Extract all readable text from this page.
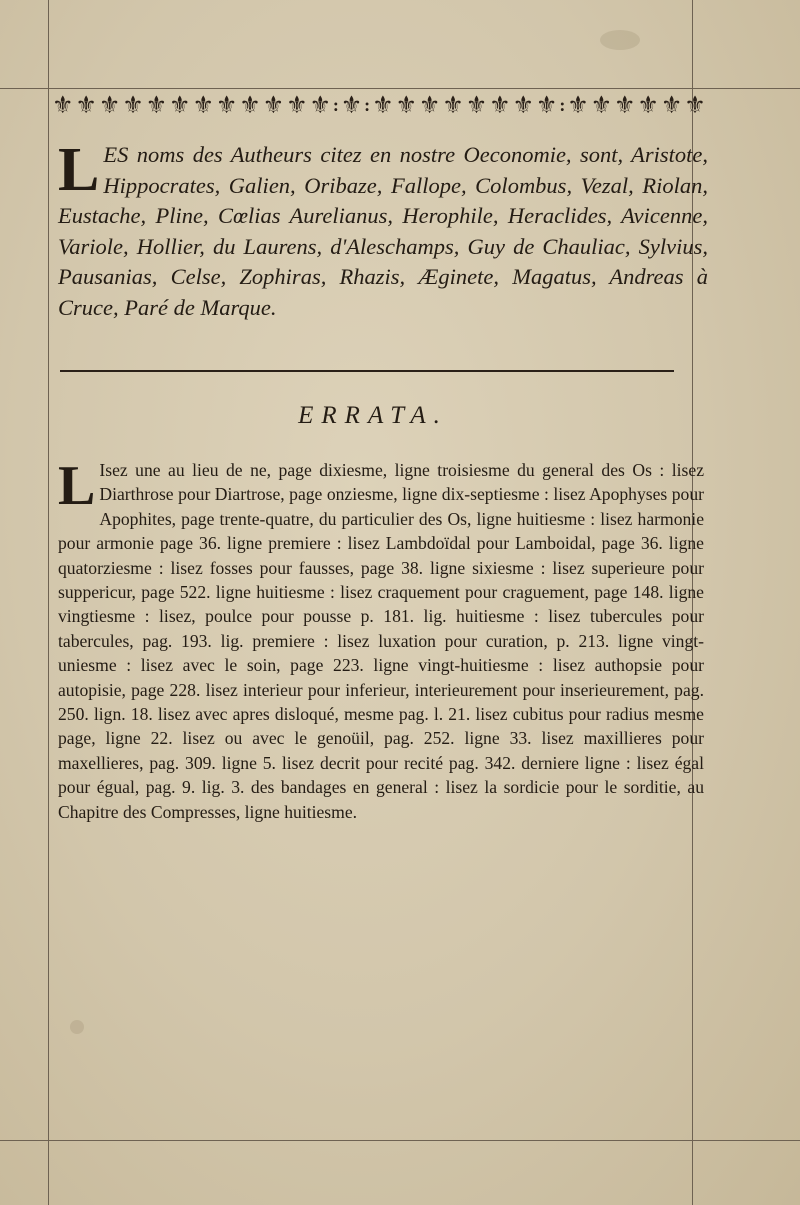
⚜ ⚜ ⚜ ⚜ ⚜ ⚜ ⚜ ⚜ ⚜ ⚜ ⚜ ⚜ : ⚜ : ⚜ ⚜ ⚜ ⚜ ⚜ ⚜ ⚜ ⚜ : ⚜ ⚜ ⚜ ⚜ ⚜ ⚜
L ES noms des Autheurs citez en nostre Oeconomie, sont, Aristote, Hippocrates, Galien, Oribaze, Fallope, Colombus, Vezal, Riolan, Eustache, Pline, Cœlias Aurelianus, Herophile, Heraclides, Avicenne, Variole, Hollier, du Laurens, d'Aleschamps, Guy de Chauliac, Sylvius, Pausanias, Celse, Zophiras, Rhazis, Æginete, Magatus, Andreas à Cruce, Paré de Marque.
ERRATA.
L Isez une au lieu de ne, page dixiesme, ligne troisiesme du general des Os : lisez Diarthrose pour Diartrose, page onziesme, ligne dix-septiesme : lisez Apophyses pour Apophites, page trente-quatre, du particulier des Os, ligne huitiesme : lisez harmonie pour armonie page 36. ligne premiere : lisez Lambdoïdal pour Lamboidal, page 36. ligne quatorziesme : lisez fosses pour fausses, page 38. ligne sixiesme : lisez superieure pour suppericur, page 522. ligne huitiesme : lisez craquement pour craguement, page 148. ligne vingtiesme : lisez, poulce pour pousse p. 181. lig. huitiesme : lisez tubercules pour tabercules, pag. 193. lig. premiere : lisez luxation pour curation, p. 213. ligne vingt-uniesme : lisez avec le soin, page 223. ligne vingt-huitiesme : lisez authopsie pour autopisie, page 228. lisez interieur pour inferieur, interieurement pour inserieurement, pag. 250. lign. 18. lisez avec apres disloqué, mesme pag. l. 21. lisez cubitus pour radius mesme page, ligne 22. lisez ou avec le genoüil, pag. 252. ligne 33. lisez maxillieres pour maxellieres, pag. 309. ligne 5. lisez decrit pour recité pag. 342. derniere ligne : lisez égal pour égual, pag. 9. lig. 3. des bandages en general : lisez la sordicie pour le sorditie, au Chapitre des Compresses, ligne huitiesme.
